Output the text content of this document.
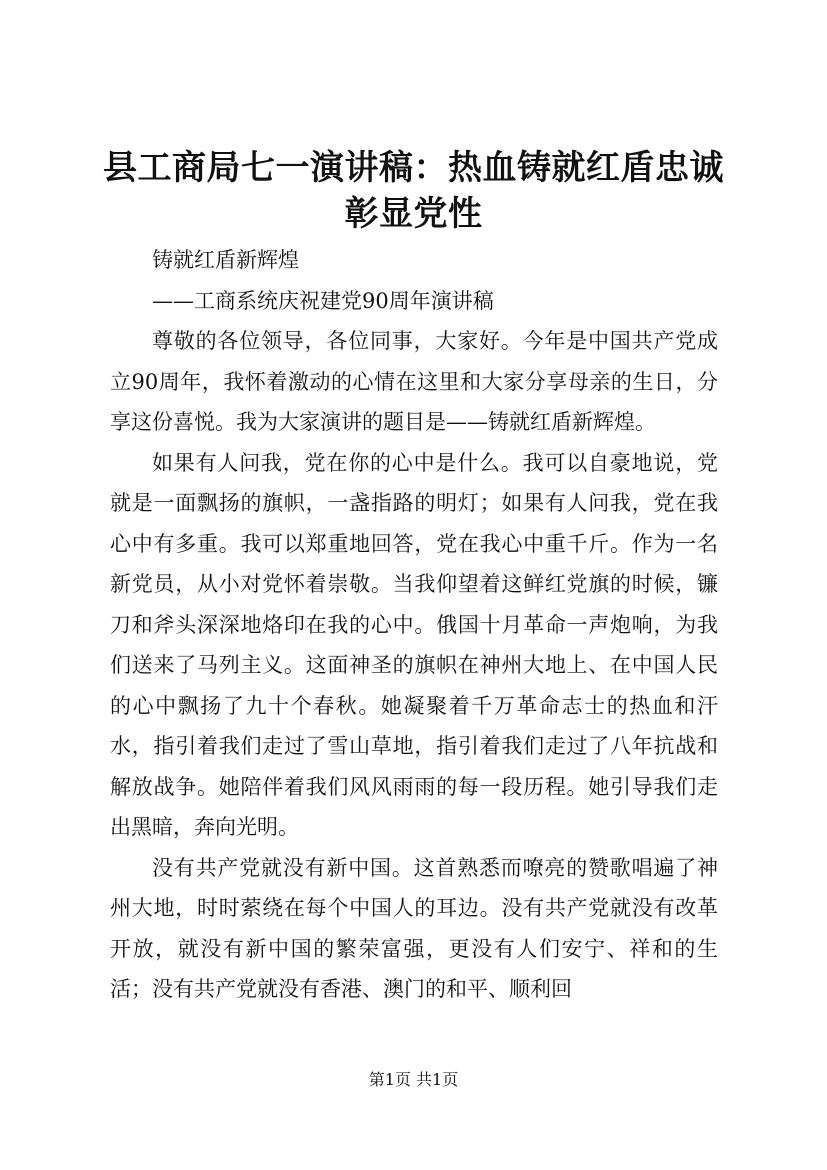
县工商局七一演讲稿：热血铸就红盾忠诚彰显党性

铸就红盾新辉煌

——工商系统庆祝建党90周年演讲稿

尊敬的各位领导，各位同事，大家好。今年是中国共产党成立90周年，我怀着激动的心情在这里和大家分享母亲的生日，分享这份喜悦。我为大家演讲的题目是——铸就红盾新辉煌。

如果有人问我，党在你的心中是什么。我可以自豪地说，党就是一面飘扬的旗帜，一盏指路的明灯；如果有人问我，党在我心中有多重。我可以郑重地回答，党在我心中重千斤。作为一名新党员，从小对党怀着崇敬。当我仰望着这鲜红党旗的时候，镰刀和斧头深深地烙印在我的心中。俄国十月革命一声炮响，为我们送来了马列主义。这面神圣的旗帜在神州大地上、在中国人民的心中飘扬了九十个春秋。她凝聚着千万革命志士的热血和汗水，指引着我们走过了雪山草地，指引着我们走过了八年抗战和解放战争。她陪伴着我们风风雨雨的每一段历程。她引导我们走出黑暗，奔向光明。

没有共产党就没有新中国。这首熟悉而嘹亮的赞歌唱遍了神州大地，时时萦绕在每个中国人的耳边。没有共产党就没有改革开放，就没有新中国的繁荣富强，更没有人们安宁、祥和的生活；没有共产党就没有香港、澳门的和平、顺利回

第1页 共1页
